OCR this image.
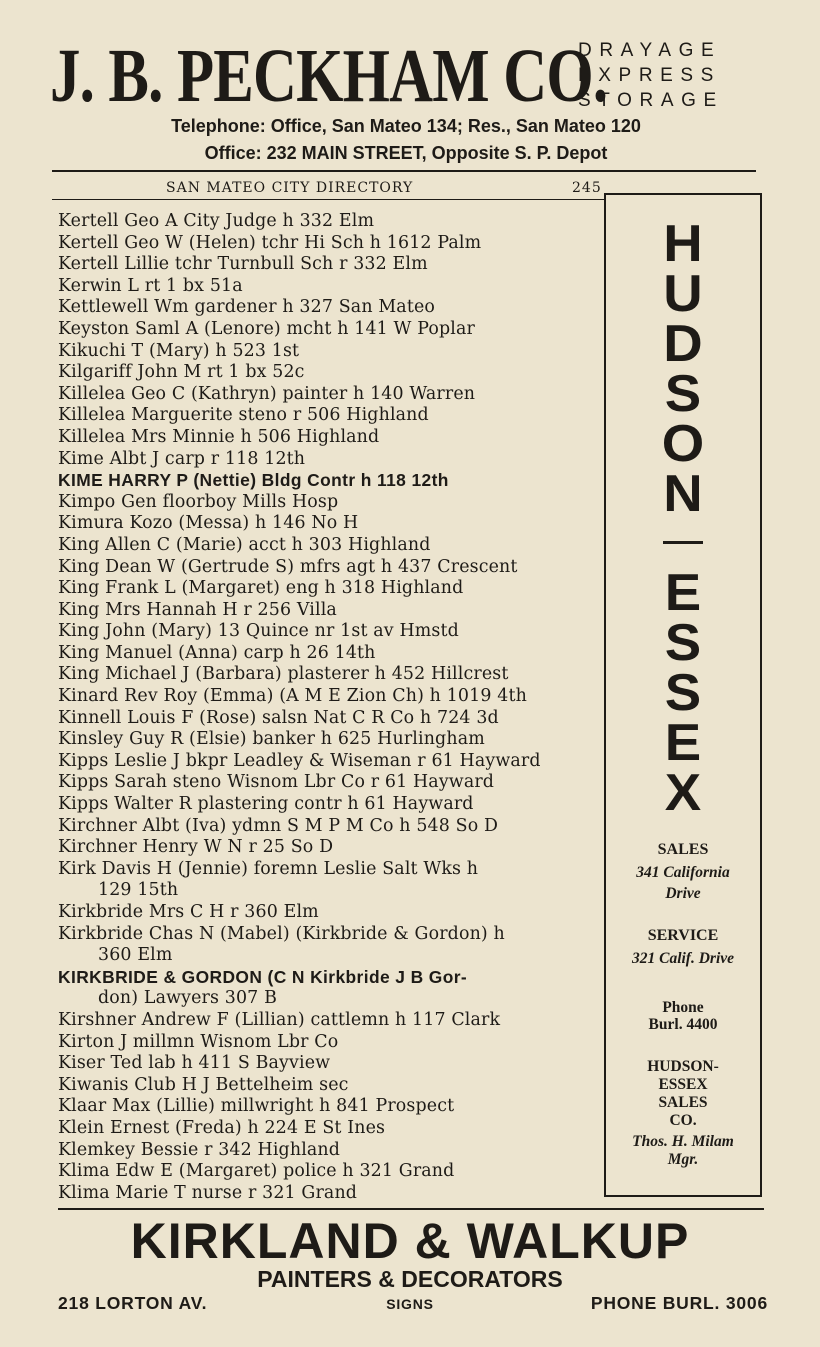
J. B. PECKHAM CO.
DRAYAGE
EXPRESS
STORAGE
Telephone: Office, San Mateo 134; Res., San Mateo 120
Office: 232 MAIN STREET, Opposite S. P. Depot
SAN MATEO CITY DIRECTORY	245
Kertell Geo A City Judge h 332 Elm
Kertell Geo W (Helen) tchr Hi Sch h 1612 Palm
Kertell Lillie tchr Turnbull Sch r 332 Elm
Kerwin L rt 1 bx 51a
Kettlewell Wm gardener h 327 San Mateo
Keyston Saml A (Lenore) mcht h 141 W Poplar
Kikuchi T (Mary) h 523 1st
Kilgariff John M rt 1 bx 52c
Killelea Geo C (Kathryn) painter h 140 Warren
Killelea Marguerite steno r 506 Highland
Killelea Mrs Minnie h 506 Highland
Kime Albt J carp r 118 12th
KIME HARRY P (Nettie) Bldg Contr h 118 12th
Kimpo Gen floorboy Mills Hosp
Kimura Kozo (Messa) h 146 No H
King Allen C (Marie) acct h 303 Highland
King Dean W (Gertrude S) mfrs agt h 437 Crescent
King Frank L (Margaret) eng h 318 Highland
King Mrs Hannah H r 256 Villa
King John (Mary) 13 Quince nr 1st av Hmstd
King Manuel (Anna) carp h 26 14th
King Michael J (Barbara) plasterer h 452 Hillcrest
Kinard Rev Roy (Emma) (A M E Zion Ch) h 1019 4th
Kinnell Louis F (Rose) salsn Nat C R Co h 724 3d
Kinsley Guy R (Elsie) banker h 625 Hurlingham
Kipps Leslie J bkpr Leadley & Wiseman r 61 Hayward
Kipps Sarah steno Wisnom Lbr Co r 61 Hayward
Kipps Walter R plastering contr h 61 Hayward
Kirchner Albt (Iva) ydmn S M P M Co h 548 So D
Kirchner Henry W N r 25 So D
Kirk Davis H (Jennie) foremn Leslie Salt Wks h
129 15th
Kirkbride Mrs C H r 360 Elm
Kirkbride Chas N (Mabel) (Kirkbride & Gordon) h
360 Elm
KIRKBRIDE & GORDON (C N Kirkbride J B Gor-
don) Lawyers 307 B
Kirshner Andrew F (Lillian) cattlemn h 117 Clark
Kirton J millmn Wisnom Lbr Co
Kiser Ted lab h 411 S Bayview
Kiwanis Club H J Bettelheim sec
Klaar Max (Lillie) millwright h 841 Prospect
Klein Ernest (Freda) h 224 E St Ines
Klemkey Bessie r 342 Highland
Klima Edw E (Margaret) police h 321 Grand
Klima Marie T nurse r 321 Grand
H
U
D
S
O
N
E
S
S
E
X
SALES
341 California
Drive
SERVICE
321 Calif. Drive
Phone
Burl. 4400
HUDSON-
ESSEX
SALES
CO.
Thos. H. Milam
Mgr.
KIRKLAND & WALKUP
PAINTERS & DECORATORS
218 LORTON AV.	SIGNS	PHONE BURL. 3006
